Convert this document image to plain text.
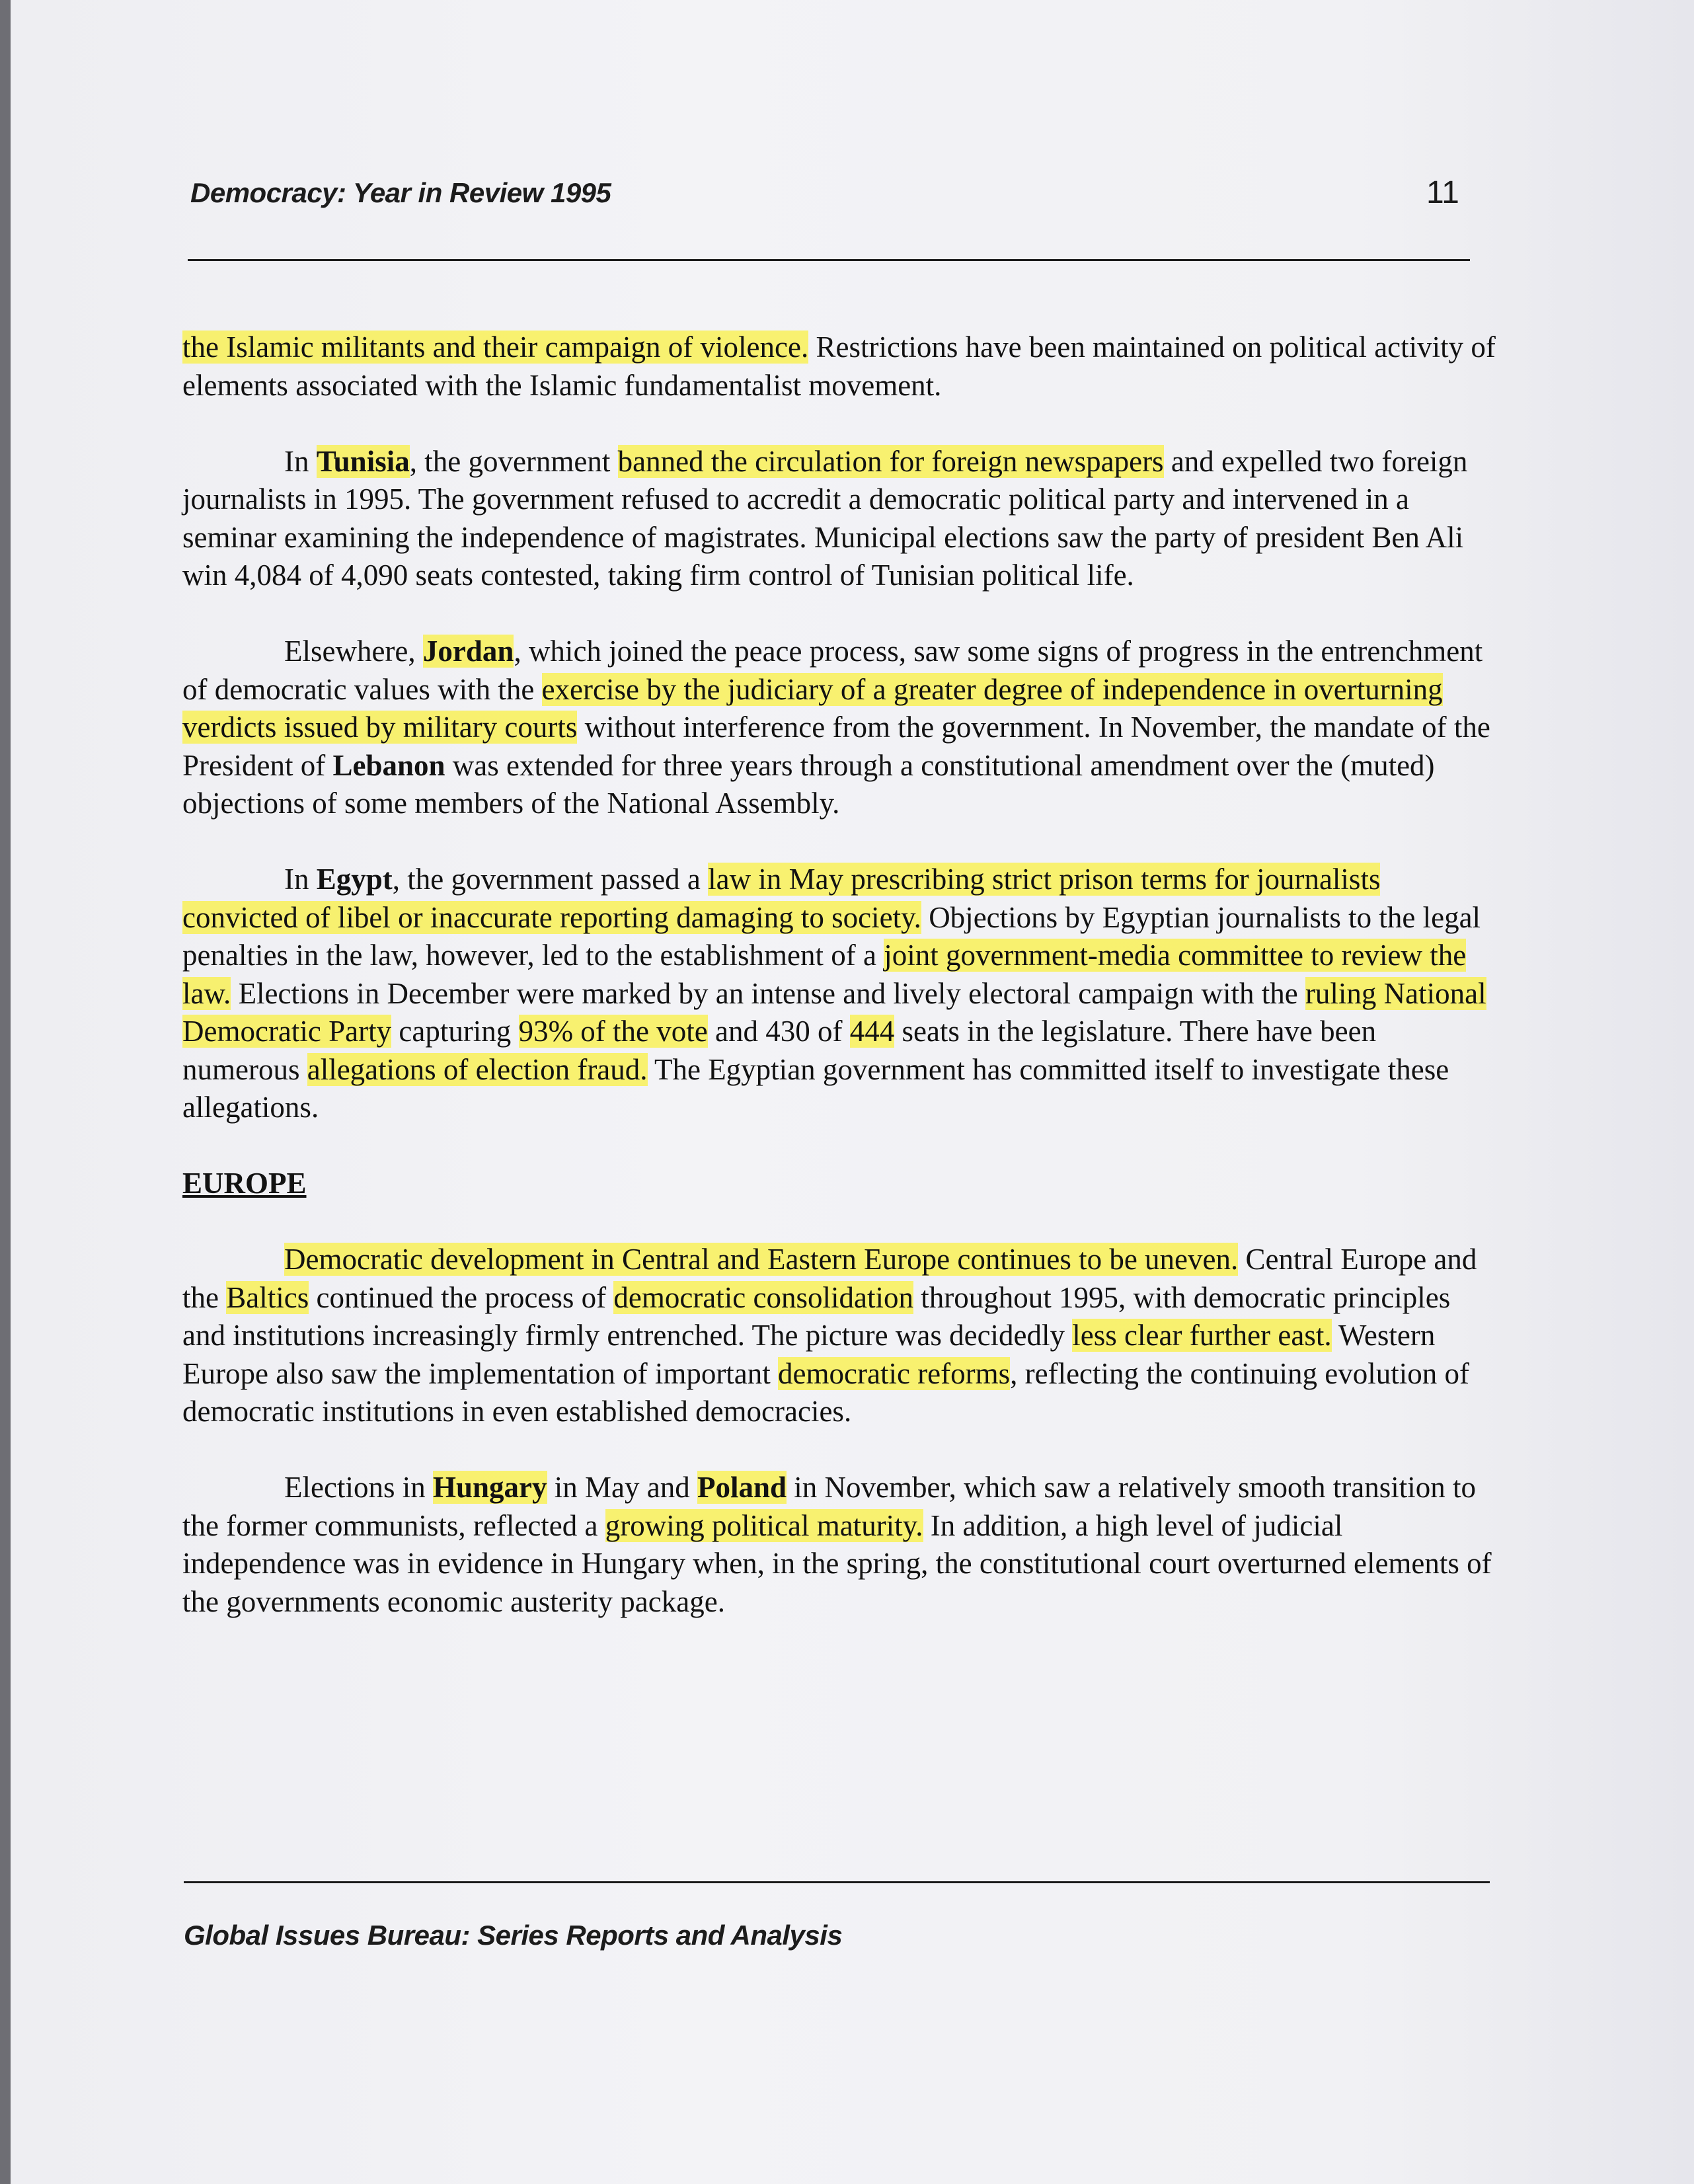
Democracy: Year in Review 1995	11

the Islamic militants and their campaign of violence. Restrictions have been maintained on political activity of elements associated with the Islamic fundamentalist movement.

In Tunisia, the government banned the circulation for foreign newspapers and expelled two foreign journalists in 1995. The government refused to accredit a democratic political party and intervened in a seminar examining the independence of magistrates. Municipal elections saw the party of president Ben Ali win 4,084 of 4,090 seats contested, taking firm control of Tunisian political life.

Elsewhere, Jordan, which joined the peace process, saw some signs of progress in the entrenchment of democratic values with the exercise by the judiciary of a greater degree of independence in overturning verdicts issued by military courts without interference from the government. In November, the mandate of the President of Lebanon was extended for three years through a constitutional amendment over the (muted) objections of some members of the National Assembly.

In Egypt, the government passed a law in May prescribing strict prison terms for journalists convicted of libel or inaccurate reporting damaging to society. Objections by Egyptian journalists to the legal penalties in the law, however, led to the establishment of a joint government-media committee to review the law. Elections in December were marked by an intense and lively electoral campaign with the ruling National Democratic Party capturing 93% of the vote and 430 of 444 seats in the legislature. There have been numerous allegations of election fraud. The Egyptian government has committed itself to investigate these allegations.

EUROPE

Democratic development in Central and Eastern Europe continues to be uneven. Central Europe and the Baltics continued the process of democratic consolidation throughout 1995, with democratic principles and institutions increasingly firmly entrenched. The picture was decidedly less clear further east. Western Europe also saw the implementation of important democratic reforms, reflecting the continuing evolution of democratic institutions in even established democracies.

Elections in Hungary in May and Poland in November, which saw a relatively smooth transition to the former communists, reflected a growing political maturity. In addition, a high level of judicial independence was in evidence in Hungary when, in the spring, the constitutional court overturned elements of the governments economic austerity package.

Global Issues Bureau: Series Reports and Analysis
